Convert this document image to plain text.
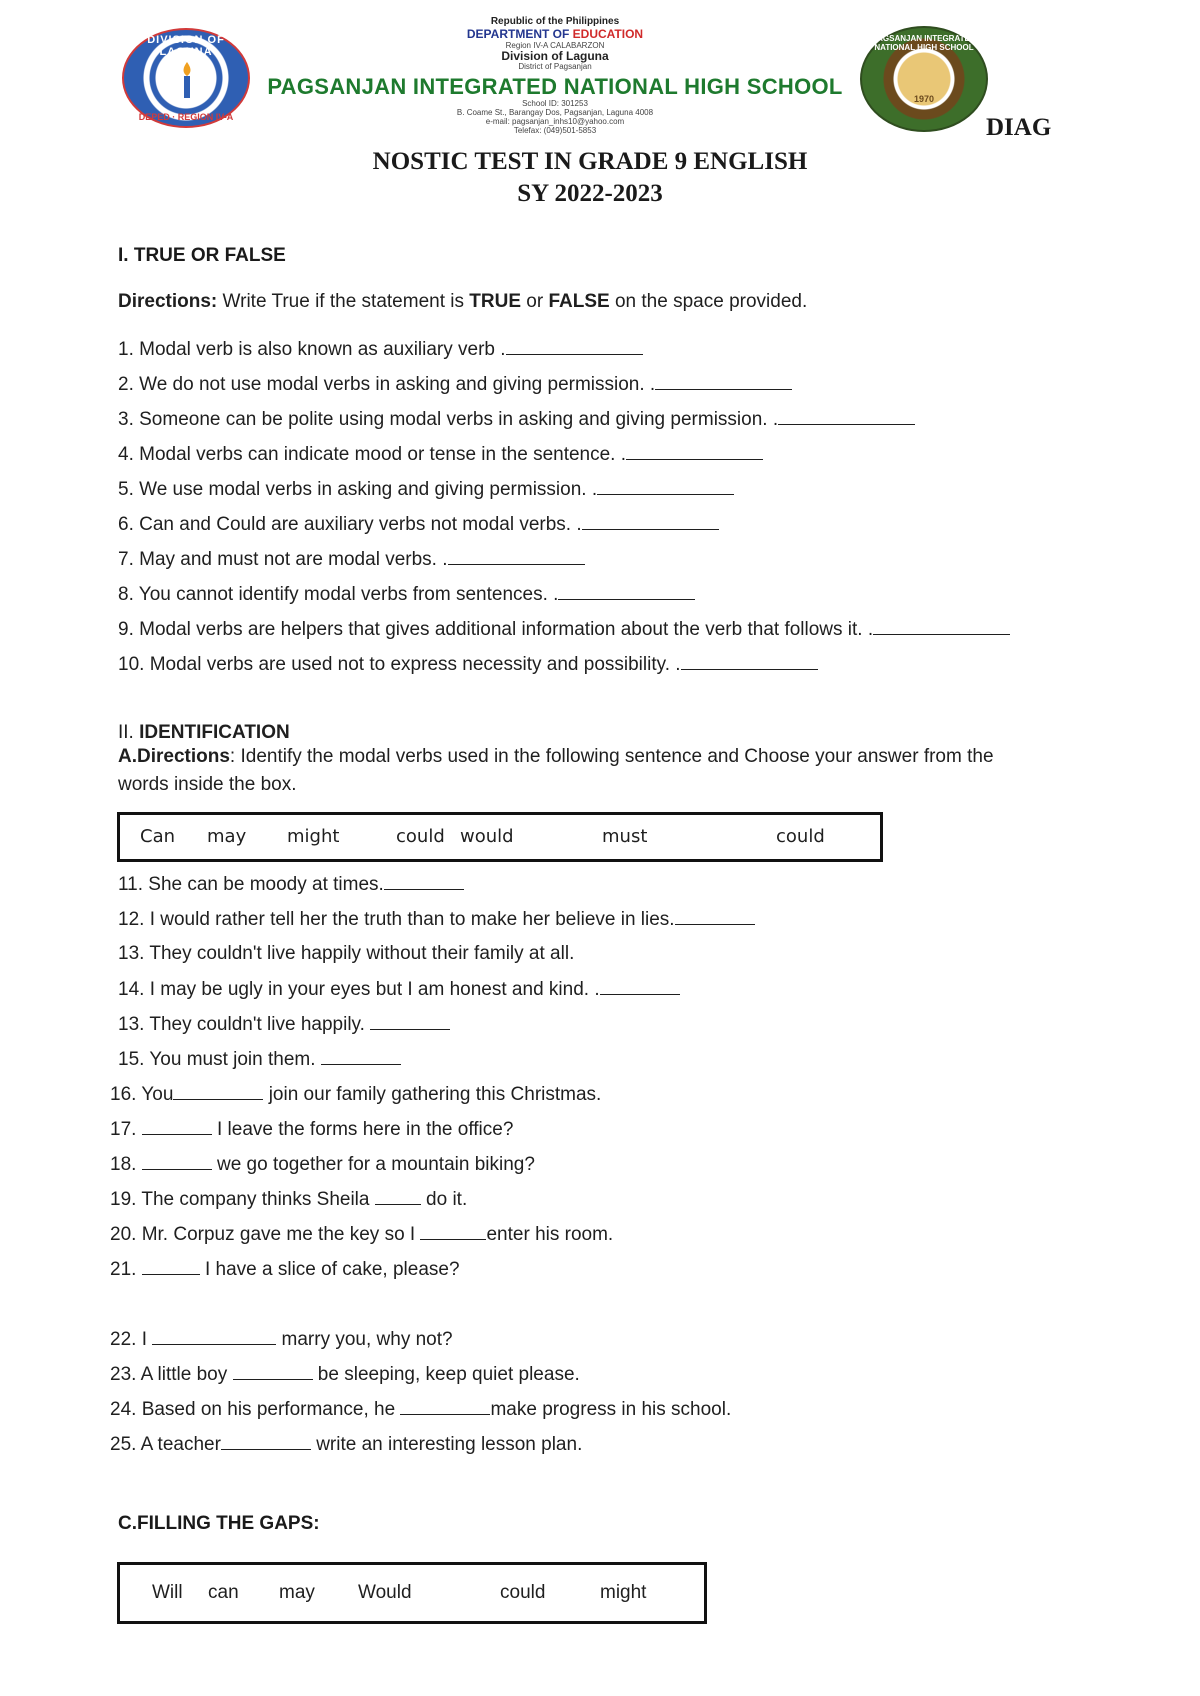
DIVISION OF LAGUNA
DEPED · REGION IV-A
PAGSANJAN INTEGRATED NATIONAL HIGH SCHOOL
1970
Republic of the Philippines
DEPARTMENT OF EDUCATION
Region IV-A CALABARZON
Division of Laguna
District of Pagsanjan
PAGSANJAN INTEGRATED NATIONAL HIGH SCHOOL
School ID: 301253
B. Coame St., Barangay Dos, Pagsanjan, Laguna 4008
e-mail: pagsanjan_inhs10@yahoo.com
Telefax: (049)501-5853	DIAG
NOSTIC TEST IN GRADE 9 ENGLISH
SY 2022-2023
I. TRUE OR FALSE
Directions: Write True if the statement is TRUE or FALSE on the space provided.
1. Modal verb is also known as auxiliary verb .
2. We do not use modal verbs in asking and giving permission. .
3. Someone can be polite using modal verbs in asking and giving permission. .
4. Modal verbs can indicate mood or tense in the sentence. .
5. We use modal verbs in asking and giving permission. .
6. Can and Could are auxiliary verbs not modal verbs. .
7. May and must not are modal verbs. .
8. You cannot identify modal verbs from sentences. .
9. Modal verbs are helpers that gives additional information about the verb that follows it. .
10. Modal verbs are used not to express necessity and possibility. .
II. IDENTIFICATION
A.Directions: Identify the modal verbs used in the following sentence and Choose your answer from the
words inside the box.
Can may might	could would	must	could
11. She can be moody at times.
12. I would rather tell her the truth than to make her believe in lies.
13. They couldn't live happily without their family at all.
14. I may be ugly in your eyes but I am honest and kind. .
13. They couldn't live happily.
15. You must join them.
16. You	join our family gathering this Christmas.
17.	I leave the forms here in the office?
18.	we go together for a mountain biking?
19. The company thinks Sheila  do it.
20. Mr. Corpuz gave me the key so I	enter his room.
21.	I have a slice of cake, please?
22. I	marry you, why not?
23. A little boy	be sleeping, keep quiet please.
24. Based on his performance, he	make progress in his school.
25. A teacher	write an interesting lesson plan.
C.FILLING THE GAPS:
Will can may Would	could	might
